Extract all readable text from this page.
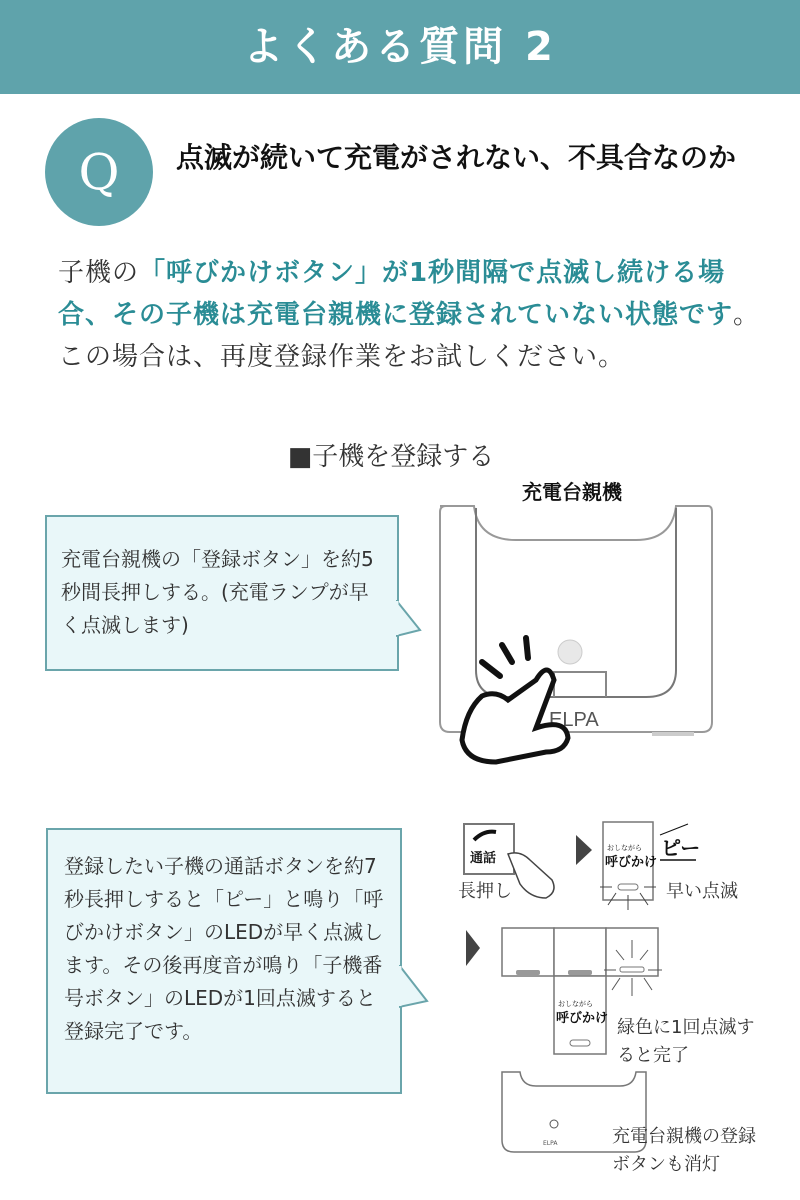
よくある質問 2
Q	点滅が続いて充電がされない、不具合なのか
子機の「呼びかけボタン」が1秒間隔で点滅し続ける場合、その子機は充電台親機に登録されていない状態です。この場合は、再度登録作業をお試しください。
■子機を登録する
充電台親機の「登録ボタン」を約5秒間長押しする。(充電ランプが早く点滅します)
充電台親機
ELPA
登録したい子機の通話ボタンを約7秒長押しすると「ピー」と鳴り「呼びかけボタン」のLEDが早く点滅します。その後再度音が鳴り「子機番号ボタン」のLEDが1回点滅すると登録完了です。
通話
おしながら
呼びかけ
ピー
おしながら
呼びかけ
ELPA
長押し	早い点滅
緑色に1回点滅すると完了
充電台親機の登録ボタンも消灯
